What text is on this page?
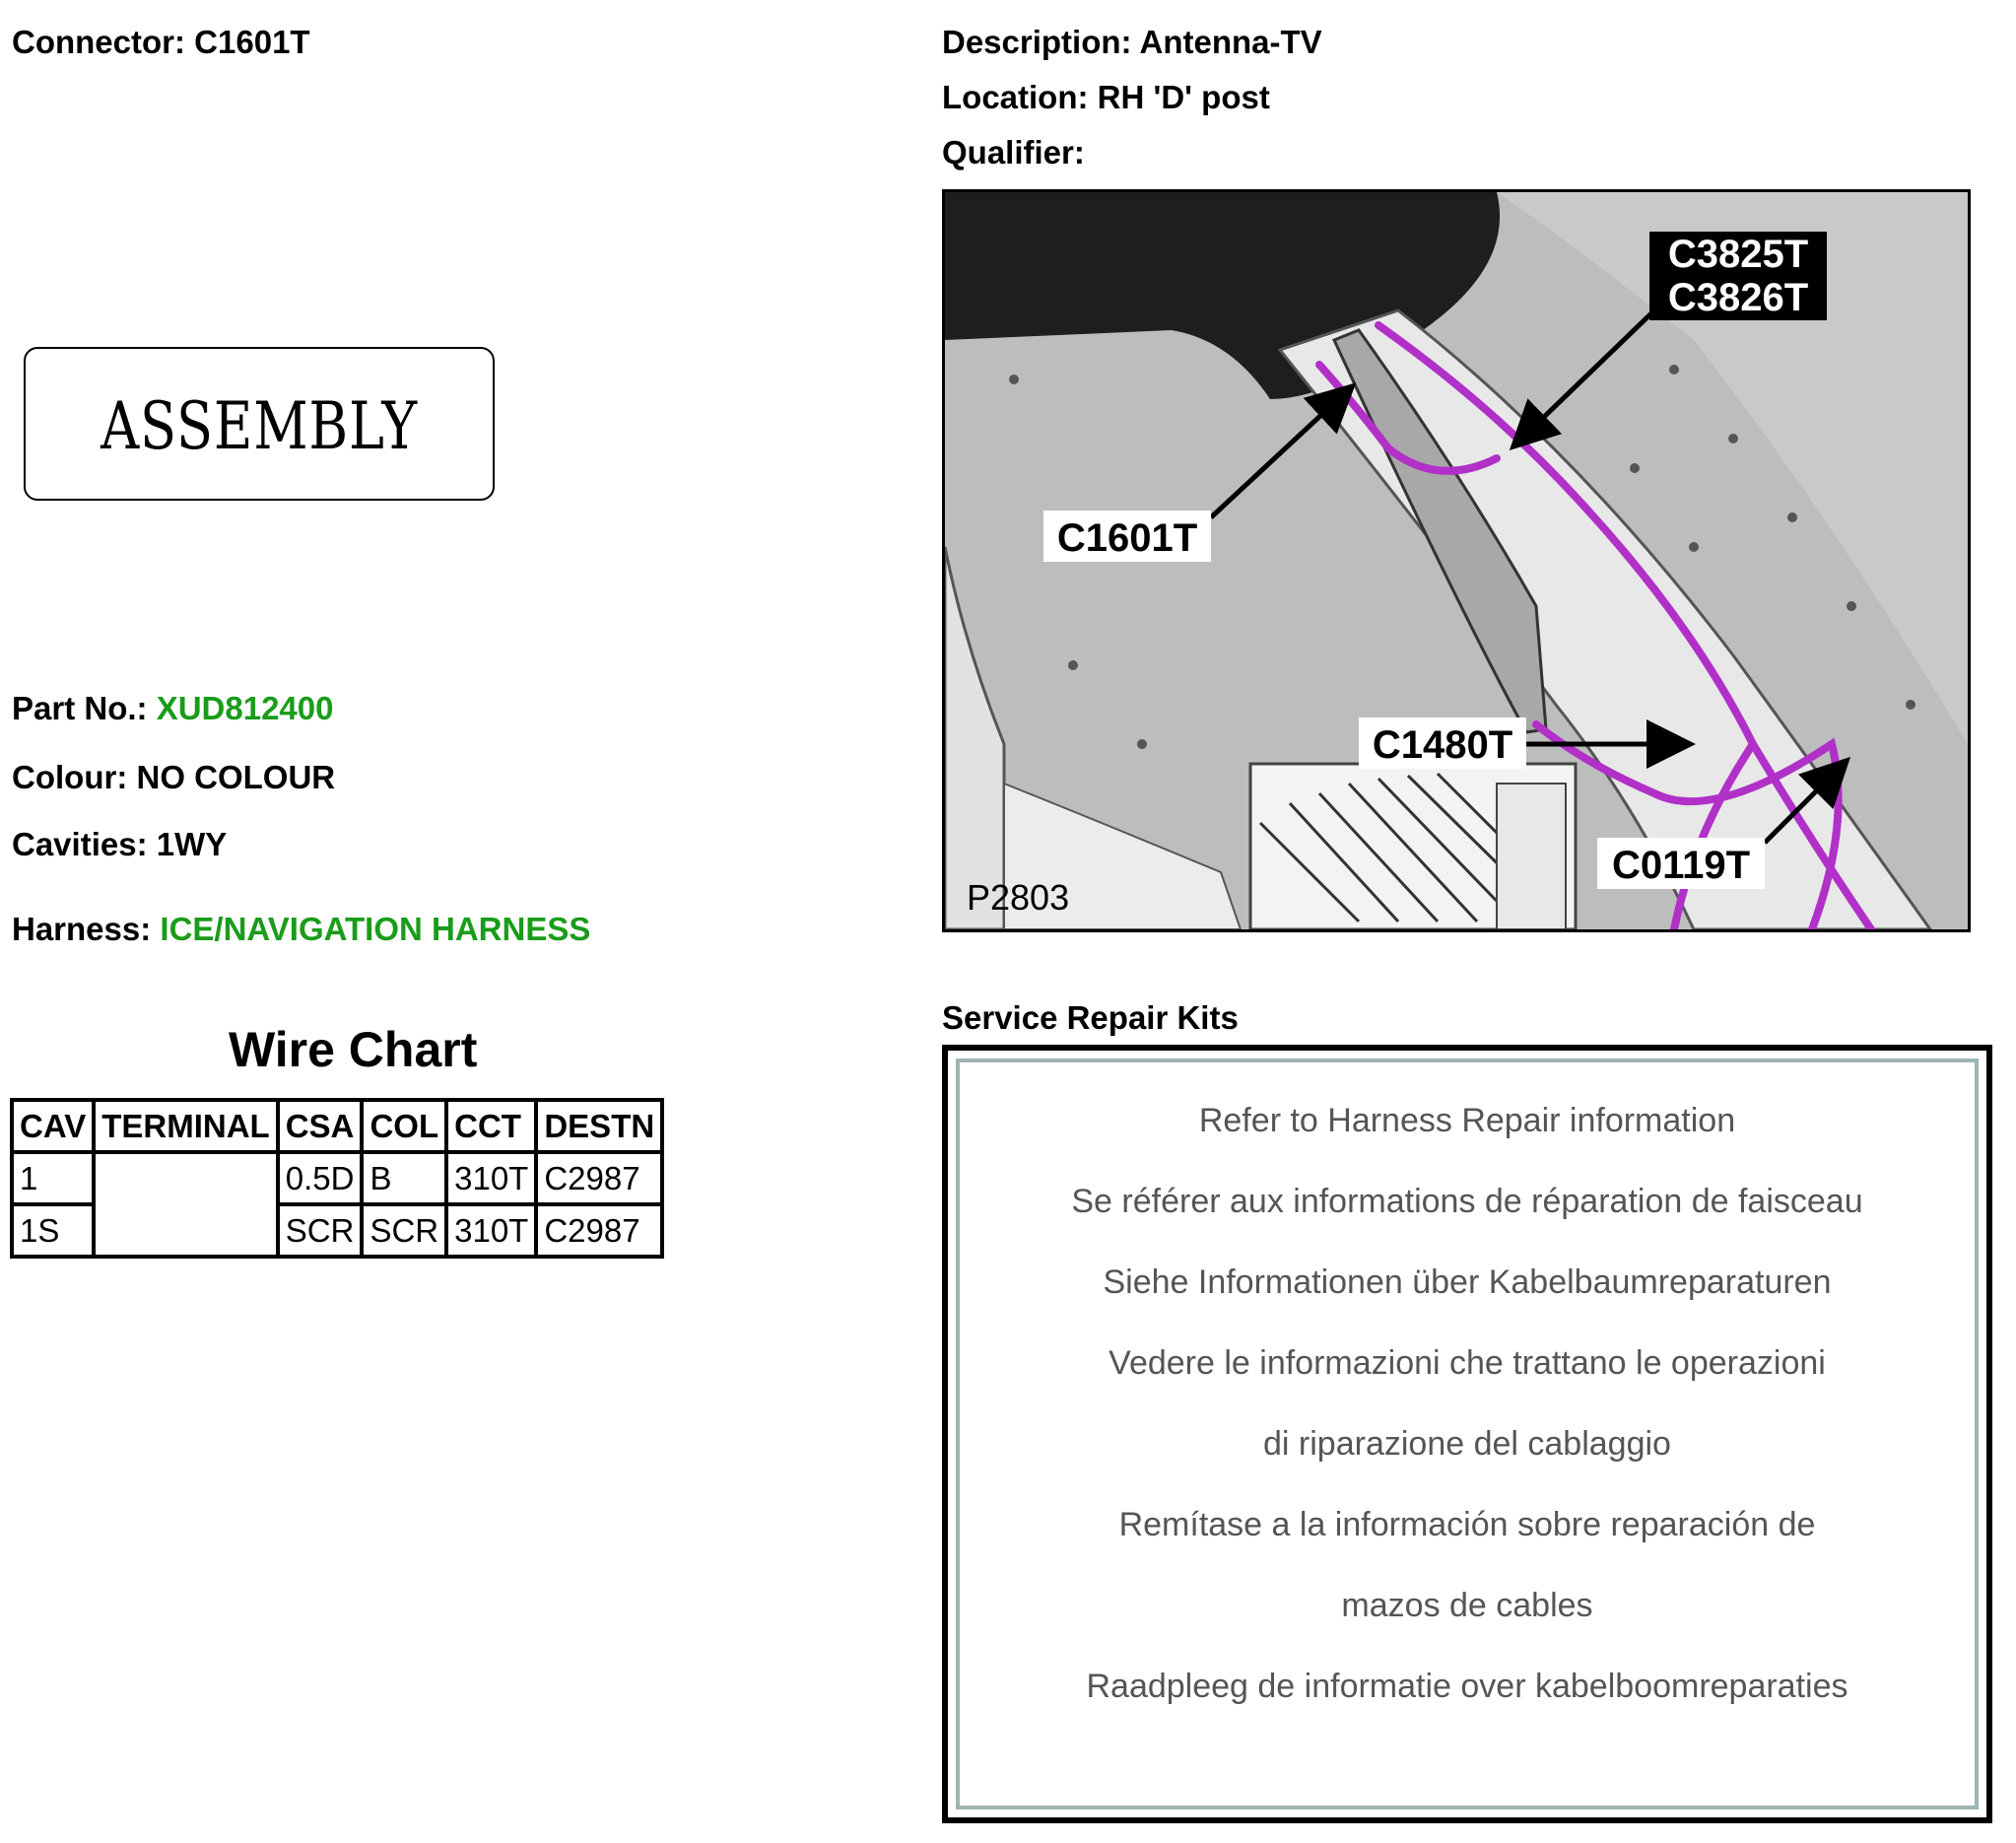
Connector: C1601T	Description: Antenna-TV
Location: RH 'D' post
Qualifier:
ASSEMBLY
Part No.: XUD812400
Colour: NO COLOUR
Cavities: 1WY
Harness: ICE/NAVIGATION HARNESS
Wire Chart
CAV	TERMINAL	CSA	COL	CCT	DESTN
1		0.5D	B	310T	C2987
1S		SCR	SCR	310T	C2987
C3825T
C3826T
C1601T
C1480T
C0119T
P2803
Service Repair Kits
Refer to Harness Repair information
Se référer aux informations de réparation de faisceau
Siehe Informationen über Kabelbaumreparaturen
Vedere le informazioni che trattano le operazioni
di riparazione del cablaggio
Remítase a la información sobre reparación de
mazos de cables
Raadpleeg de informatie over kabelboomreparaties
